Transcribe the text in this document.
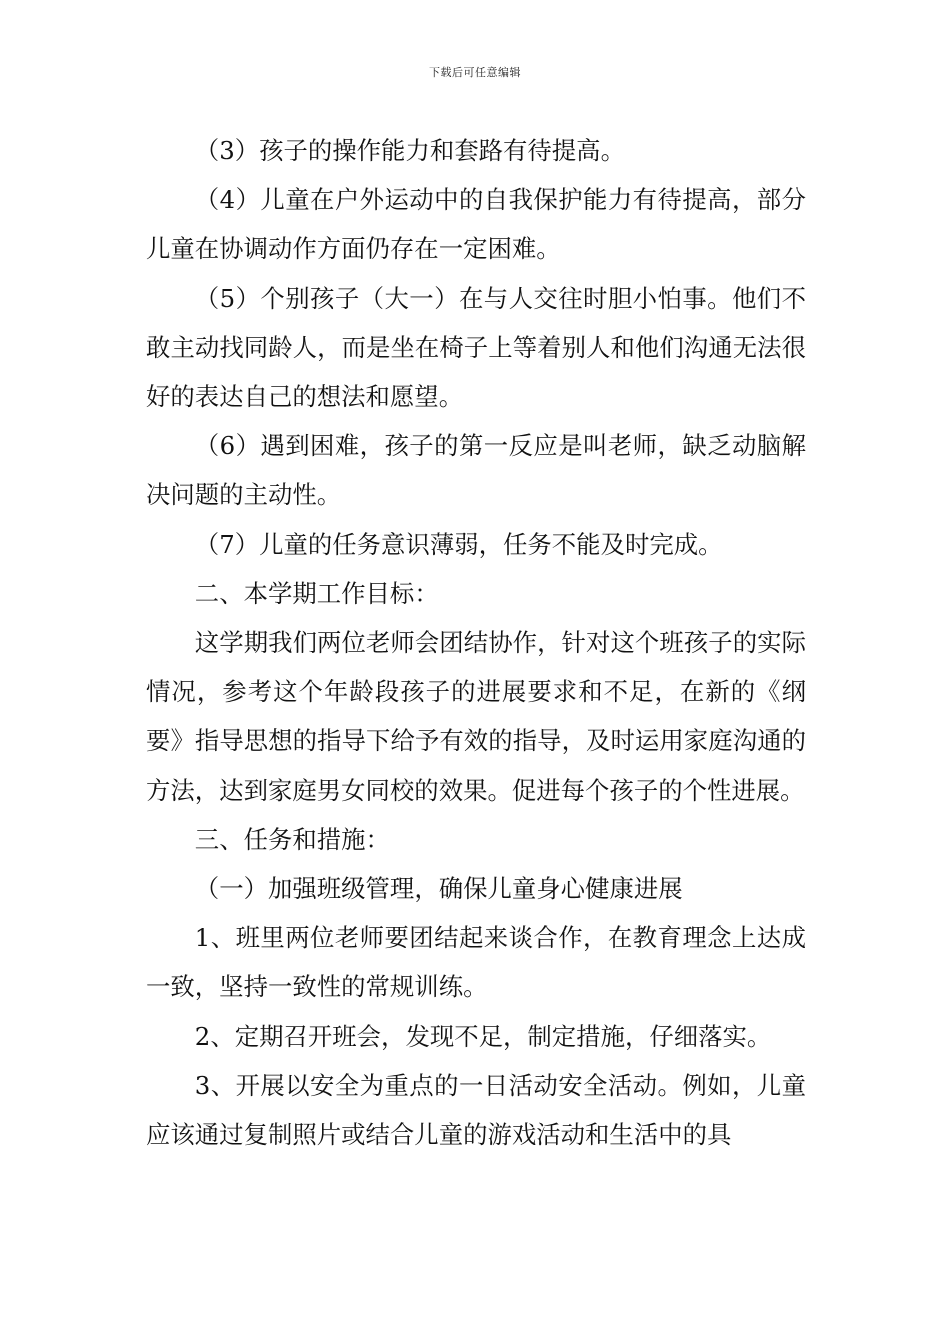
下载后可任意编辑

（3）孩子的操作能力和套路有待提高。

（4）儿童在户外运动中的自我保护能力有待提高，部分儿童在协调动作方面仍存在一定困难。

（5）个别孩子（大一）在与人交往时胆小怕事。他们不敢主动找同龄人，而是坐在椅子上等着别人和他们沟通无法很好的表达自己的想法和愿望。

（6）遇到困难，孩子的第一反应是叫老师，缺乏动脑解决问题的主动性。

（7）儿童的任务意识薄弱，任务不能及时完成。

二、本学期工作目标：

这学期我们两位老师会团结协作，针对这个班孩子的实际情况，参考这个年龄段孩子的进展要求和不足，在新的《纲要》指导思想的指导下给予有效的指导，及时运用家庭沟通的方法，达到家庭男女同校的效果。促进每个孩子的个性进展。

三、任务和措施：

（一）加强班级管理，确保儿童身心健康进展

1、班里两位老师要团结起来谈合作，在教育理念上达成一致，坚持一致性的常规训练。

2、定期召开班会，发现不足，制定措施，仔细落实。

3、开展以安全为重点的一日活动安全活动。例如，儿童应该通过复制照片或结合儿童的游戏活动和生活中的具
